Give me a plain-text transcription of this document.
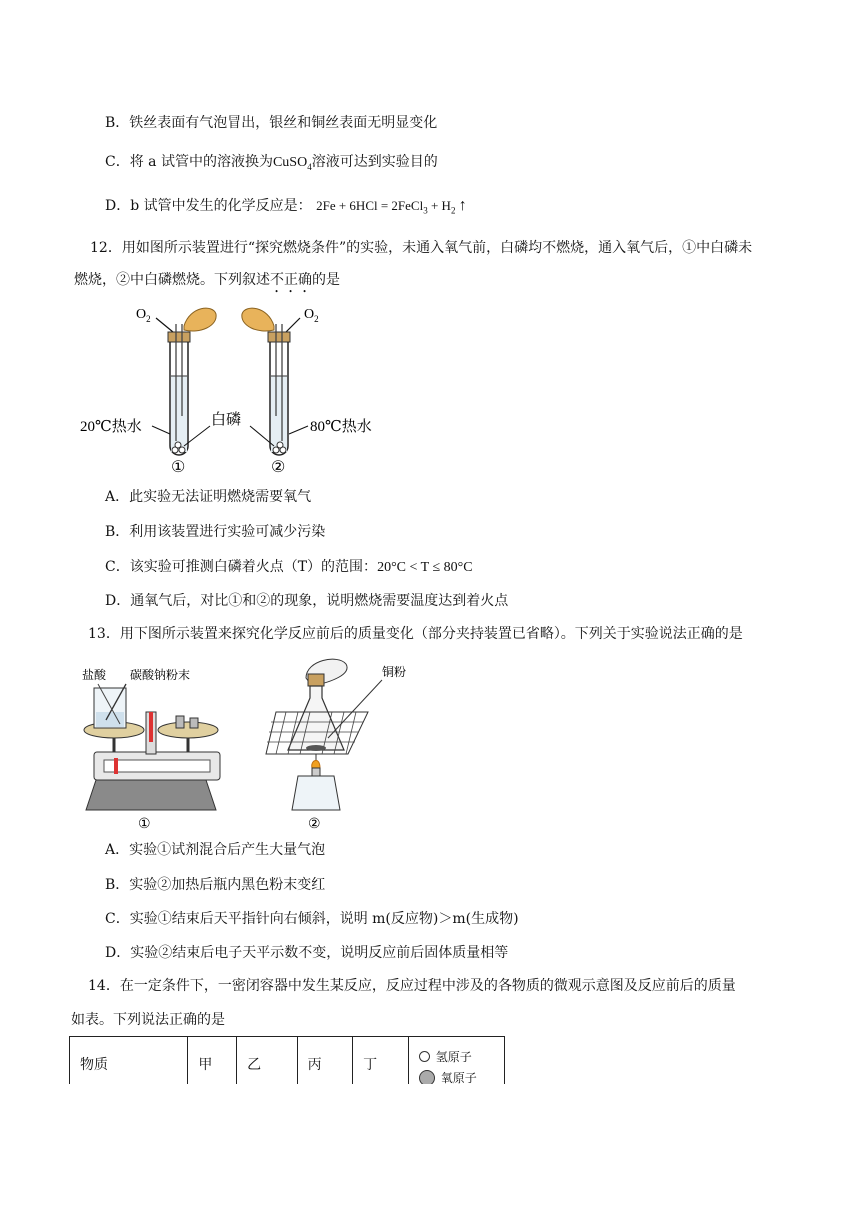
B．铁丝表面有气泡冒出，银丝和铜丝表面无明显变化
C．将 a 试管中的溶液换为CuSO$_4$溶液可达到实验目的
D．b 试管中发生的化学反应是： 2Fe + 6HCl = 2FeCl$_3$ + $H_2$ ↑
12．用如图所示装置进行“探究燃烧条件”的实验，未通入氧气前，白磷均不燃烧，通入氧气后，①中白磷未
燃烧，②中白磷燃烧。下列叙述不正确的是
$O_2$	$O_2$
20℃热水	白磷	80℃热水
①	②
A．此实验无法证明燃烧需要氧气
B．利用该装置进行实验可减少污染
C．该实验可推测白磷着火点（T）的范围：20°C < T ≤ 80°C
D．通氧气后，对比①和②的现象，说明燃烧需要温度达到着火点
13．用下图所示装置来探究化学反应前后的质量变化（部分夹持装置已省略）。下列关于实验说法正确的是
盐酸 碳酸钠粉末
①
铜粉
②
A．实验①试剂混合后产生大量气泡
B．实验②加热后瓶内黑色粉末变红
C．实验①结束后天平指针向右倾斜，说明 m(反应物)＞m(生成物)
D．实验②结束后电子天平示数不变，说明反应前后固体质量相等
14．在一定条件下，一密闭容器中发生某反应，反应过程中涉及的各物质的微观示意图及反应前后的质量
如表。下列说法正确的是
物质	甲	乙	丙	丁	氢原子
氧原子
